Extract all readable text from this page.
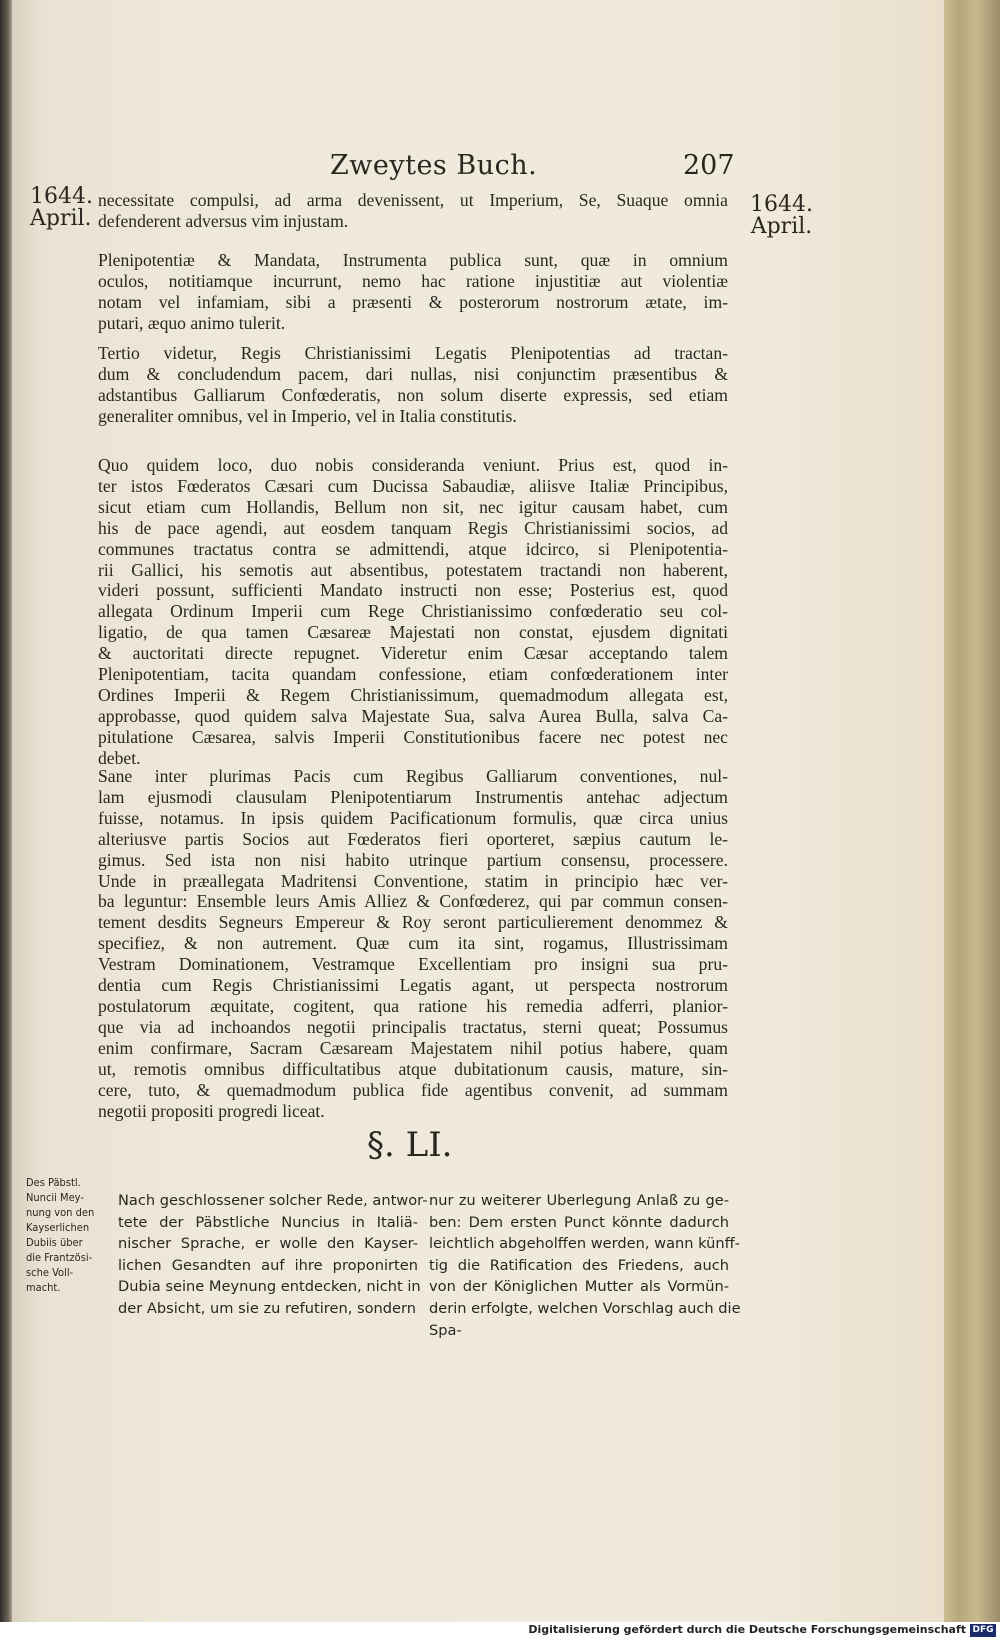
Zweytes Buch.	207
1644.
April.
1644.
April.
necessitate compulsi, ad arma devenissent, ut Imperium, Se, Suaque omnia
defenderent adversus vim injustam.
Plenipotentiæ & Mandata, Instrumenta publica sunt, quæ in omnium
oculos, notitiamque incurrunt, nemo hac ratione injustitiæ aut violentiæ
notam vel infamiam, sibi a præsenti & posterorum nostrorum ætate, im-
putari, æquo animo tulerit.
Tertio videtur, Regis Christianissimi Legatis Plenipotentias ad tractan-
dum & concludendum pacem, dari nullas, nisi conjunctim præsentibus &
adstantibus Galliarum Confœderatis, non solum diserte expressis, sed etiam
generaliter omnibus, vel in Imperio, vel in Italia constitutis.
Quo quidem loco, duo nobis consideranda veniunt. Prius est, quod in-
ter istos Fœderatos Cæsari cum Ducissa Sabaudiæ, aliisve Italiæ Principibus,
sicut etiam cum Hollandis, Bellum non sit, nec igitur causam habet, cum
his de pace agendi, aut eosdem tanquam Regis Christianissimi socios, ad
communes tractatus contra se admittendi, atque idcirco, si Plenipotentia-
rii Gallici, his semotis aut absentibus, potestatem tractandi non haberent,
videri possunt, sufficienti Mandato instructi non esse; Posterius est, quod
allegata Ordinum Imperii cum Rege Christianissimo confœderatio seu col-
ligatio, de qua tamen Cæsareæ Majestati non constat, ejusdem dignitati
& auctoritati directe repugnet. Videretur enim Cæsar acceptando talem
Plenipotentiam, tacita quandam confessione, etiam confœderationem inter
Ordines Imperii & Regem Christianissimum, quemadmodum allegata est,
approbasse, quod quidem salva Majestate Sua, salva Aurea Bulla, salva Ca-
pitulatione Cæsarea, salvis Imperii Constitutionibus facere nec potest nec
debet.
Sane inter plurimas Pacis cum Regibus Galliarum conventiones, nul-
lam ejusmodi clausulam Plenipotentiarum Instrumentis antehac adjectum
fuisse, notamus. In ipsis quidem Pacificationum formulis, quæ circa unius
alteriusve partis Socios aut Fœderatos fieri oporteret, sæpius cautum le-
gimus. Sed ista non nisi habito utrinque partium consensu, processere.
Unde in præallegata Madritensi Conventione, statim in principio hæc ver-
ba leguntur: Ensemble leurs Amis Alliez & Confœderez, qui par commun consen-
tement desdits Segneurs Empereur & Roy seront particulierement denommez &
specifiez, & non autrement. Quæ cum ita sint, rogamus, Illustrissimam
Vestram Dominationem, Vestramque Excellentiam pro insigni sua pru-
dentia cum Regis Christianissimi Legatis agant, ut perspecta nostrorum
postulatorum æquitate, cogitent, qua ratione his remedia adferri, planior-
que via ad inchoandos negotii principalis tractatus, sterni queat; Possumus
enim confirmare, Sacram Cæsaream Majestatem nihil potius habere, quam
ut, remotis omnibus difficultatibus atque dubitationum causis, mature, sin-
cere, tuto, & quemadmodum publica fide agentibus convenit, ad summam
negotii propositi progredi liceat.
§. LI.
Des Päbstl.
Nuncii Mey-
nung von den
Kayserlichen
Dubiis über
die Frantzösi-
sche Voll-
macht.
Nach geschlossener solcher Rede, antwor-
tete der Päbstliche Nuncius in Italiä-
nischer Sprache, er wolle den Kayser-
lichen Gesandten auf ihre proponirten
Dubia seine Meynung entdecken, nicht in
der Absicht, um sie zu refutiren, sondern
nur zu weiterer Uberlegung Anlaß zu ge-
ben: Dem ersten Punct könnte dadurch
leichtlich abgeholffen werden, wann künff-
tig die Ratification des Friedens, auch
von der Königlichen Mutter als Vormün-
derin erfolgte, welchen Vorschlag auch die
Spa-
Digitalisierung gefördert durch die Deutsche Forschungsgemeinschaft DFG
